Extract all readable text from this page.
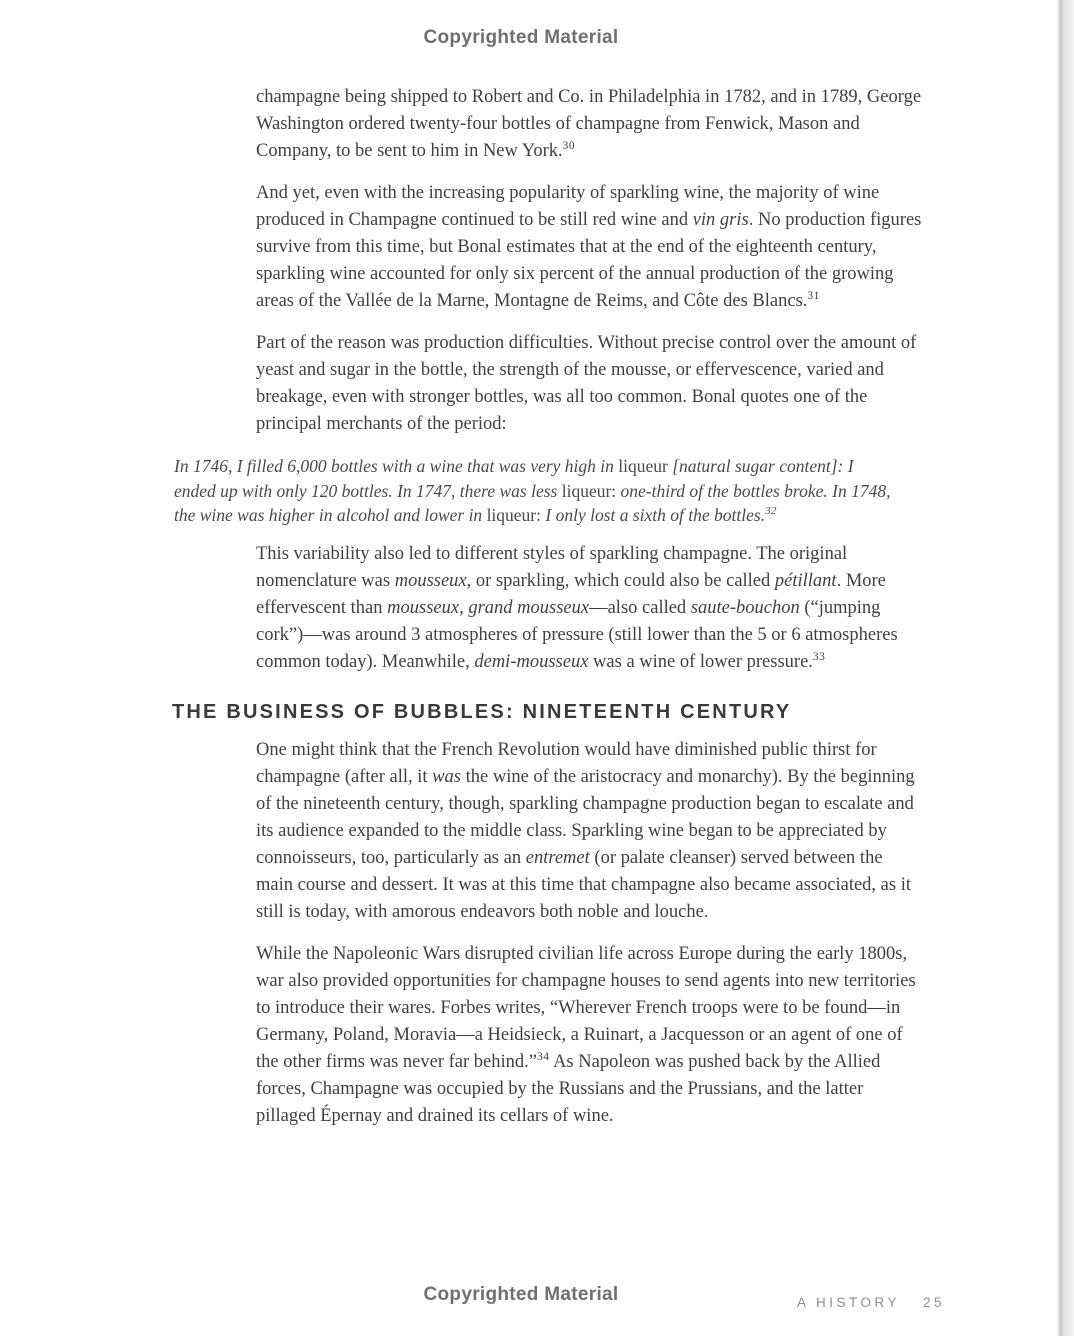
Copyrighted Material

champagne being shipped to Robert and Co. in Philadelphia in 1782, and in 1789, George Washington ordered twenty-four bottles of champagne from Fenwick, Mason and Company, to be sent to him in New York.$^{30}$

And yet, even with the increasing popularity of sparkling wine, the majority of wine produced in Champagne continued to be still red wine and vin gris. No production figures survive from this time, but Bonal estimates that at the end of the eighteenth century, sparkling wine accounted for only six percent of the annual production of the growing areas of the Vallée de la Marne, Montagne de Reims, and Côte des Blancs.$^{31}$

Part of the reason was production difficulties. Without precise control over the amount of yeast and sugar in the bottle, the strength of the mousse, or effervescence, varied and breakage, even with stronger bottles, was all too common. Bonal quotes one of the principal merchants of the period:

In 1746, I filled 6,000 bottles with a wine that was very high in liqueur [natural sugar content]: I ended up with only 120 bottles. In 1747, there was less liqueur: one-third of the bottles broke. In 1748, the wine was higher in alcohol and lower in liqueur: I only lost a sixth of the bottles.$^{32}$

This variability also led to different styles of sparkling champagne. The original nomenclature was mousseux, or sparkling, which could also be called pétillant. More effervescent than mousseux, grand mousseux—also called saute-bouchon (“jumping cork”)—was around 3 atmospheres of pressure (still lower than the 5 or 6 atmospheres common today). Meanwhile, demi-mousseux was a wine of lower pressure.$^{33}$

THE BUSINESS OF BUBBLES: NINETEENTH CENTURY

One might think that the French Revolution would have diminished public thirst for champagne (after all, it was the wine of the aristocracy and monarchy). By the beginning of the nineteenth century, though, sparkling champagne production began to escalate and its audience expanded to the middle class. Sparkling wine began to be appreciated by connoisseurs, too, particularly as an entremet (or palate cleanser) served between the main course and dessert. It was at this time that champagne also became associated, as it still is today, with amorous endeavors both noble and louche.

While the Napoleonic Wars disrupted civilian life across Europe during the early 1800s, war also provided opportunities for champagne houses to send agents into new territories to introduce their wares. Forbes writes, “Wherever French troops were to be found—in Germany, Poland, Moravia—a Heidsieck, a Ruinart, a Jacquesson or an agent of one of the other firms was never far behind.”$^{34}$ As Napoleon was pushed back by the Allied forces, Champagne was occupied by the Russians and the Prussians, and the latter pillaged Épernay and drained its cellars of wine.

Copyrighted Material	A HISTORY 25
